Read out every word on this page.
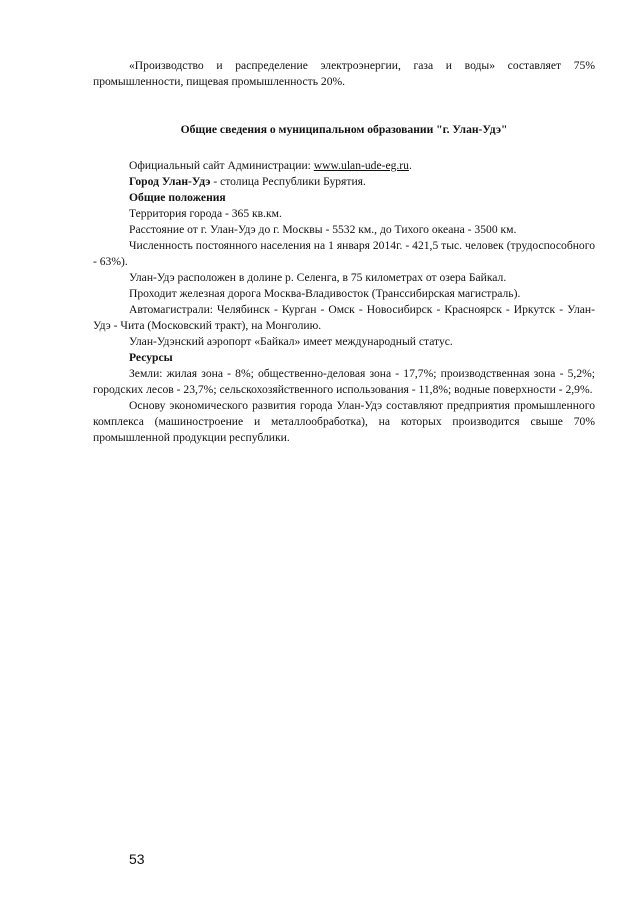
«Производство и распределение электроэнергии, газа и воды» составляет 75% промышленности, пищевая промышленность 20%.

Общие сведения о муниципальном образовании "г. Улан-Удэ"

Официальный сайт Администрации: www.ulan-ude-eg.ru.

Город Улан-Удэ - столица Республики Бурятия.

Общие положения

Территория города - 365 кв.км.

Расстояние от г. Улан-Удэ до г. Москвы - 5532 км., до Тихого океана - 3500 км.

Численность постоянного населения на 1 января 2014г. - 421,5 тыс. человек (трудоспособного - 63%).

Улан-Удэ расположен в долине р. Селенга, в 75 километрах от озера Байкал.

Проходит железная дорога Москва-Владивосток (Транссибирская магистраль).

Автомагистрали: Челябинск - Курган - Омск - Новосибирск - Красноярск - Иркутск - Улан-Удэ - Чита (Московский тракт), на Монголию.

Улан-Удэнский аэропорт «Байкал» имеет международный статус.

Ресурсы

Земли: жилая зона - 8%; общественно-деловая зона - 17,7%; производственная зона - 5,2%; городских лесов - 23,7%; сельскохозяйственного использования - 11,8%; водные поверхности - 2,9%.

Основу экономического развития города Улан-Удэ составляют предприятия промышленного комплекса (машиностроение и металлообработка), на которых производится свыше 70% промышленной продукции республики.

53
